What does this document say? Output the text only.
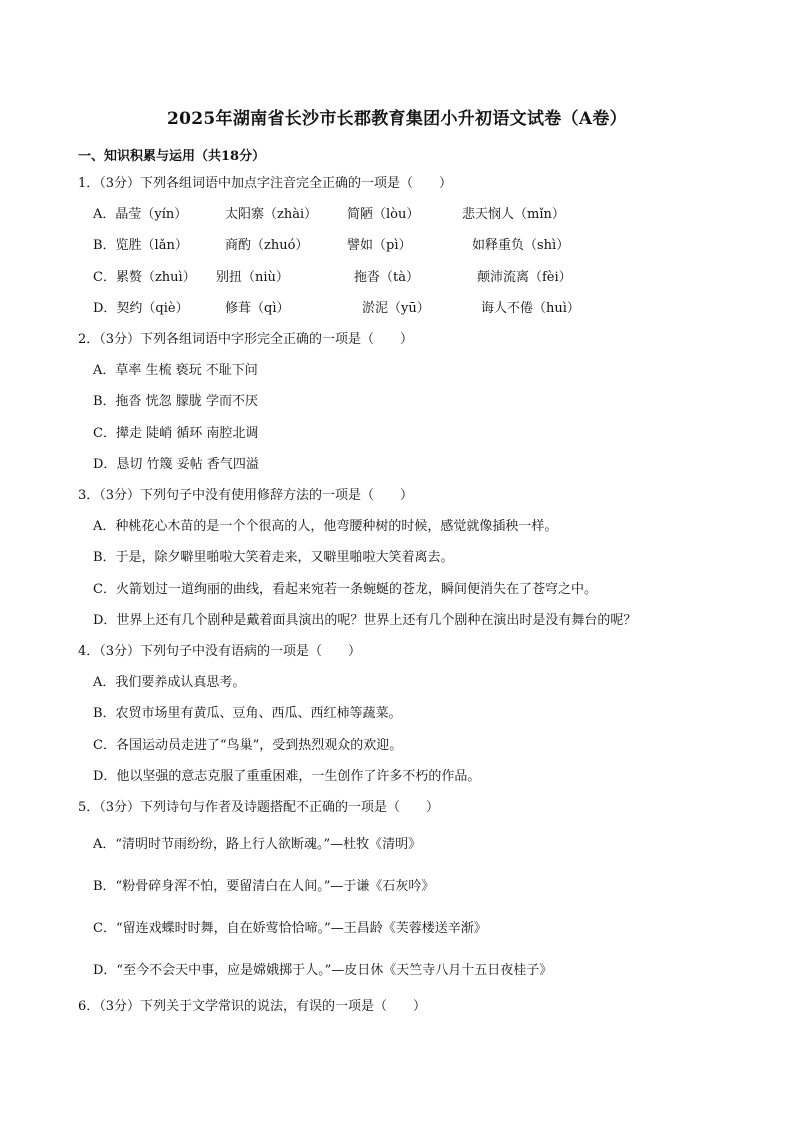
2025年湖南省长沙市长郡教育集团小升初语文试卷（A卷）
一、知识积累与运用（共18分）
1．（3分）下列各组词语中加点字注音完全正确的一项是（　　）
A．晶莹（yín）	太阳寨（zhài） 简陋（lòu）	悲天悯人（mǐn）
B．览胜（lǎn）	商酌（zhuó）	譬如（pì）	如释重负（shì）
C．累赘（zhuì） 别扭（niù）	拖沓（tà）	颠沛流离（fèi）
D．契约（qiè）	修葺（qì）	淤泥（yū）	诲人不倦（huì）
2．（3分）下列各组词语中字形完全正确的一项是（　　）
A．草率 生梳 亵玩 不耻下问
B．拖沓 恍忽 朦胧 学而不厌
C．撵走 陡峭 循环 南腔北调
D．恳切 竹篾 妥帖 香气四溢
3．（3分）下列句子中没有使用修辞方法的一项是（　　）
A．种桃花心木苗的是一个个很高的人，他弯腰种树的时候，感觉就像插秧一样。
B．于是，除夕噼里啪啦大笑着走来，又噼里啪啦大笑着离去。
C．火箭划过一道绚丽的曲线，看起来宛若一条蜿蜒的苍龙，瞬间便消失在了苍穹之中。
D．世界上还有几个剧种是戴着面具演出的呢？世界上还有几个剧种在演出时是没有舞台的呢？
4．（3分）下列句子中没有语病的一项是（　　）
A．我们要养成认真思考。
B．农贸市场里有黄瓜、豆角、西瓜、西红柿等蔬菜。
C．各国运动员走进了“鸟巢”，受到热烈观众的欢迎。
D．他以坚强的意志克服了重重困难，一生创作了许多不朽的作品。
5．（3分）下列诗句与作者及诗题搭配不正确的一项是（　　）
A．“清明时节雨纷纷，路上行人欲断魂。”—杜牧《清明》
B．“粉骨碎身浑不怕，要留清白在人间。”—于谦《石灰吟》
C．“留连戏蝶时时舞，自在娇莺恰恰啼。”—王昌龄《芙蓉楼送辛渐》
D．“至今不会天中事，应是嫦娥掷于人。”—皮日休《天竺寺八月十五日夜桂子》
6．（3分）下列关于文学常识的说法，有误的一项是（　　）
